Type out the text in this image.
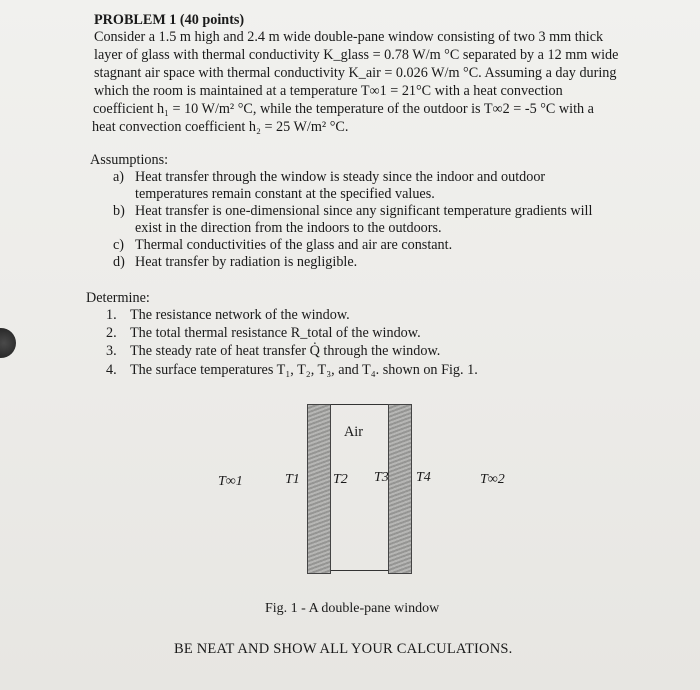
PROBLEM 1 (40 points)
Consider a 1.5 m high and 2.4 m wide double-pane window consisting of two 3 mm thick
layer of glass with thermal conductivity K_glass = 0.78 W/m °C separated by a 12 mm wide
stagnant air space with thermal conductivity K_air = 0.026 W/m °C. Assuming a day during
which the room is maintained at a temperature T∞1 = 21°C with a heat convection
coefficient h₁ = 10 W/m² °C, while the temperature of the outdoor is T∞2 = -5 °C with a
heat convection coefficient h₂ = 25 W/m² °C.
Assumptions:
a) Heat transfer through the window is steady since the indoor and outdoor
temperatures remain constant at the specified values.
b) Heat transfer is one-dimensional since any significant temperature gradients will
exist in the direction from the indoors to the outdoors.
c) Thermal conductivities of the glass and air are constant.
d) Heat transfer by radiation is negligible.
Determine:
1. The resistance network of the window.
2. The total thermal resistance R_total of the window.
3. The steady rate of heat transfer Q̇ through the window.
4. The surface temperatures T₁, T₂, T₃, and T₄. shown on Fig. 1.
Air
T∞1	T1 T2 T3 T4	T∞2
Fig. 1 - A double-pane window
BE NEAT AND SHOW ALL YOUR CALCULATIONS.
